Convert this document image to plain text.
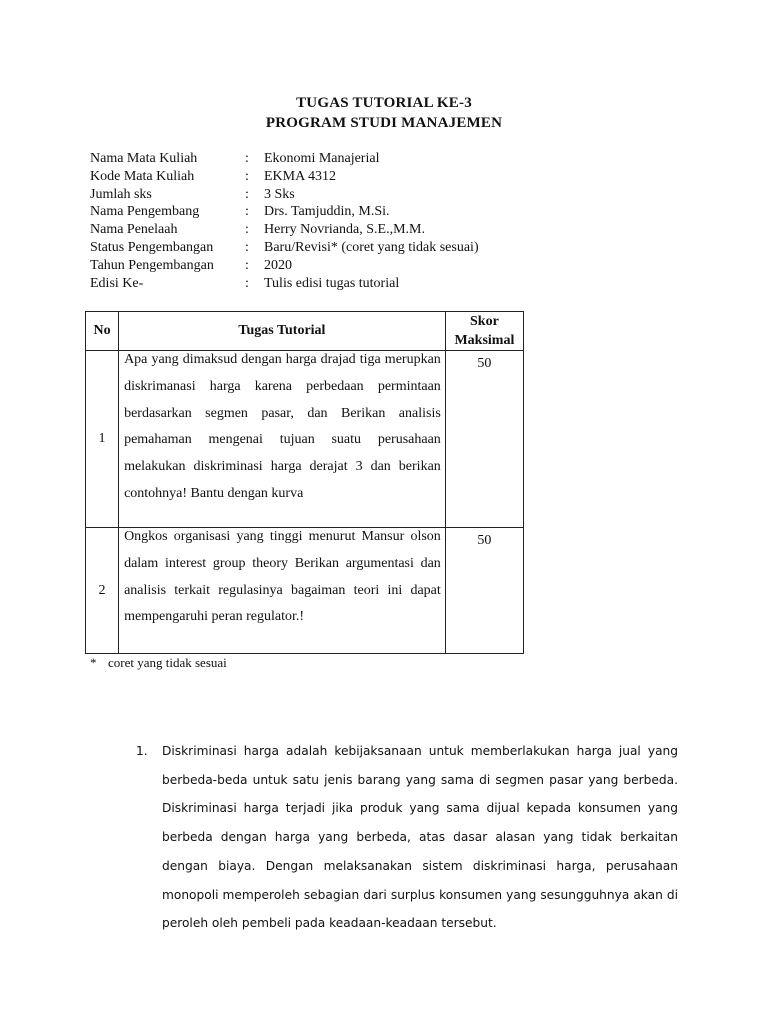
TUGAS TUTORIAL KE-3
PROGRAM STUDI MANAJEMEN
Nama Mata Kuliah	: Ekonomi Manajerial
Kode Mata Kuliah	: EKMA 4312
Jumlah sks	: 3 Sks
Nama Pengembang	: Drs. Tamjuddin, M.Si.
Nama Penelaah	: Herry Novrianda, S.E.,M.M.
Status Pengembangan : Baru/Revisi* (coret yang tidak sesuai)
Tahun Pengembangan : 2020
Edisi Ke-	: Tulis edisi tugas tutorial
No	Tugas Tutorial	Skor
Maksimal

1	Apa yang dimaksud dengan harga drajad tiga merupkan diskrimanasi harga karena perbedaan permintaan berdasarkan segmen pasar, dan Berikan analisis pemahaman mengenai tujuan suatu perusahaan melakukan diskriminasi harga derajat 3 dan berikan contohnya! Bantu dengan kurva	50
2	Ongkos organisasi yang tinggi menurut Mansur olson dalam interest group theory Berikan argumentasi dan analisis terkait regulasinya bagaiman teori ini dapat mempengaruhi peran regulator.!	50
* coret yang tidak sesuai
1. Diskriminasi harga adalah kebijaksanaan untuk memberlakukan harga jual yang berbeda-beda untuk satu jenis barang yang sama di segmen pasar yang berbeda. Diskriminasi harga terjadi jika produk yang sama dijual kepada konsumen yang berbeda dengan harga yang berbeda, atas dasar alasan yang tidak berkaitan dengan biaya. Dengan melaksanakan sistem diskriminasi harga, perusahaan monopoli memperoleh sebagian dari surplus konsumen yang sesungguhnya akan di peroleh oleh pembeli pada keadaan-keadaan tersebut.
